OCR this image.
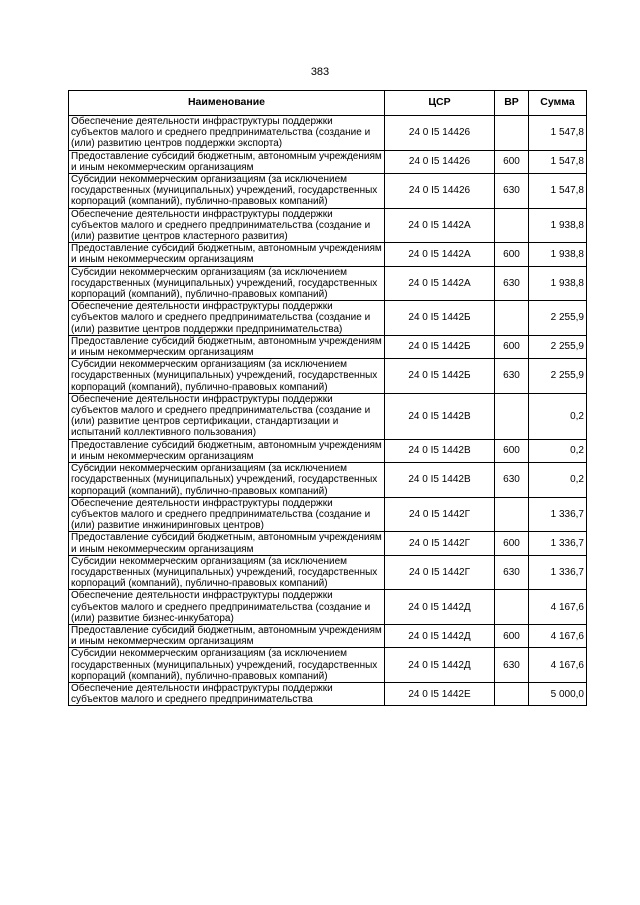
383
Наименование	ЦСР	ВР	Сумма
Обеспечение деятельности инфраструктуры поддержки субъектов малого и среднего предпринимательства (создание и (или) развитию центров поддержки экспорта)	24 0 I5 14426		1 547,8
Предоставление субсидий бюджетным, автономным учреждениям и иным некоммерческим организациям	24 0 I5 14426	600	1 547,8
Субсидии некоммерческим организациям (за исключением государственных (муниципальных) учреждений, государственных корпораций (компаний), публично-правовых компаний)	24 0 I5 14426	630	1 547,8
Обеспечение деятельности инфраструктуры поддержки субъектов малого и среднего предпринимательства (создание и (или) развитие центров кластерного развития)	24 0 I5 1442А		1 938,8
Предоставление субсидий бюджетным, автономным учреждениям и иным некоммерческим организациям	24 0 I5 1442А	600	1 938,8
Субсидии некоммерческим организациям (за исключением государственных (муниципальных) учреждений, государственных корпораций (компаний), публично-правовых компаний)	24 0 I5 1442А	630	1 938,8
Обеспечение деятельности инфраструктуры поддержки субъектов малого и среднего предпринимательства (создание и (или) развитие центров поддержки предпринимательства)	24 0 I5 1442Б		2 255,9
Предоставление субсидий бюджетным, автономным учреждениям и иным некоммерческим организациям	24 0 I5 1442Б	600	2 255,9
Субсидии некоммерческим организациям (за исключением государственных (муниципальных) учреждений, государственных корпораций (компаний), публично-правовых компаний)	24 0 I5 1442Б	630	2 255,9
Обеспечение деятельности инфраструктуры поддержки субъектов малого и среднего предпринимательства (создание и (или) развитие центров сертификации, стандартизации и испытаний коллективного пользования)	24 0 I5 1442В		0,2
Предоставление субсидий бюджетным, автономным учреждениям и иным некоммерческим организациям	24 0 I5 1442В	600	0,2
Субсидии некоммерческим организациям (за исключением государственных (муниципальных) учреждений, государственных корпораций (компаний), публично-правовых компаний)	24 0 I5 1442В	630	0,2
Обеспечение деятельности инфраструктуры поддержки субъектов малого и среднего предпринимательства (создание и (или) развитие инжиниринговых центров)	24 0 I5 1442Г		1 336,7
Предоставление субсидий бюджетным, автономным учреждениям и иным некоммерческим организациям	24 0 I5 1442Г	600	1 336,7
Субсидии некоммерческим организациям (за исключением государственных (муниципальных) учреждений, государственных корпораций (компаний), публично-правовых компаний)	24 0 I5 1442Г	630	1 336,7
Обеспечение деятельности инфраструктуры поддержки субъектов малого и среднего предпринимательства (создание и (или) развитие бизнес-инкубатора)	24 0 I5 1442Д		4 167,6
Предоставление субсидий бюджетным, автономным учреждениям и иным некоммерческим организациям	24 0 I5 1442Д	600	4 167,6
Субсидии некоммерческим организациям (за исключением государственных (муниципальных) учреждений, государственных корпораций (компаний), публично-правовых компаний)	24 0 I5 1442Д	630	4 167,6
Обеспечение деятельности инфраструктуры поддержки субъектов малого и среднего предпринимательства	24 0 I5 1442Е		5 000,0
